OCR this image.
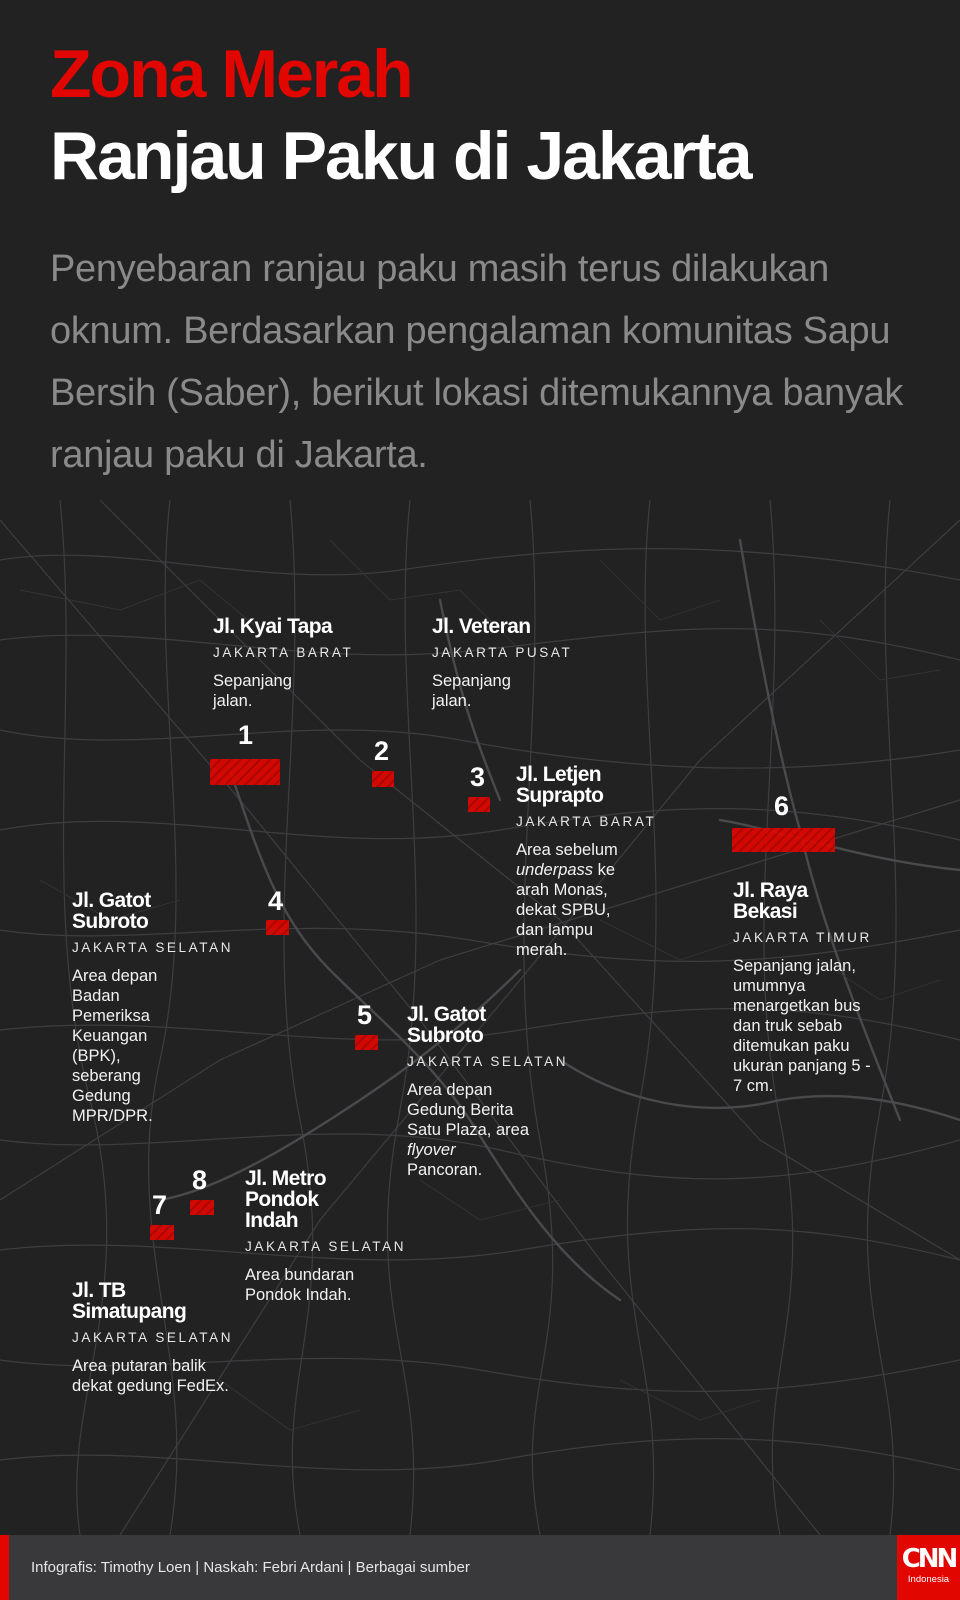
Zona Merah
Ranjau Paku di Jakarta

Penyebaran ranjau paku masih terus dilakukan oknum. Berdasarkan pengalaman komunitas Sapu Bersih (Saber), berikut lokasi ditemukannya banyak ranjau paku di Jakarta.

1
2
3
4
5
6
7
8

Jl. Kyai Tapa

JAKARTA BARAT

Sepanjang jalan.

Jl. Veteran

JAKARTA PUSAT

Sepanjang jalan.

Jl. Letjen Suprapto

JAKARTA BARAT

Area sebelum underpass ke arah Monas, dekat SPBU, dan lampu merah.

Jl. Gatot Subroto

JAKARTA SELATAN

Area depan Badan Pemeriksa Keuangan (BPK), seberang Gedung MPR/DPR.

Jl. Gatot Subroto

JAKARTA SELATAN

Area depan Gedung Berita Satu Plaza, area flyover Pancoran.

Jl. Raya Bekasi

JAKARTA TIMUR

Sepanjang jalan, umumnya menargetkan bus dan truk sebab ditemukan paku ukuran panjang 5 - 7 cm.

Jl. TB Simatupang

JAKARTA SELATAN

Area putaran balik dekat gedung FedEx.

Jl. Metro Pondok Indah

JAKARTA SELATAN

Area bundaran Pondok Indah.

Infografis: Timothy Loen | Naskah: Febri Ardani | Berbagai sumber	CNN
Indonesia
